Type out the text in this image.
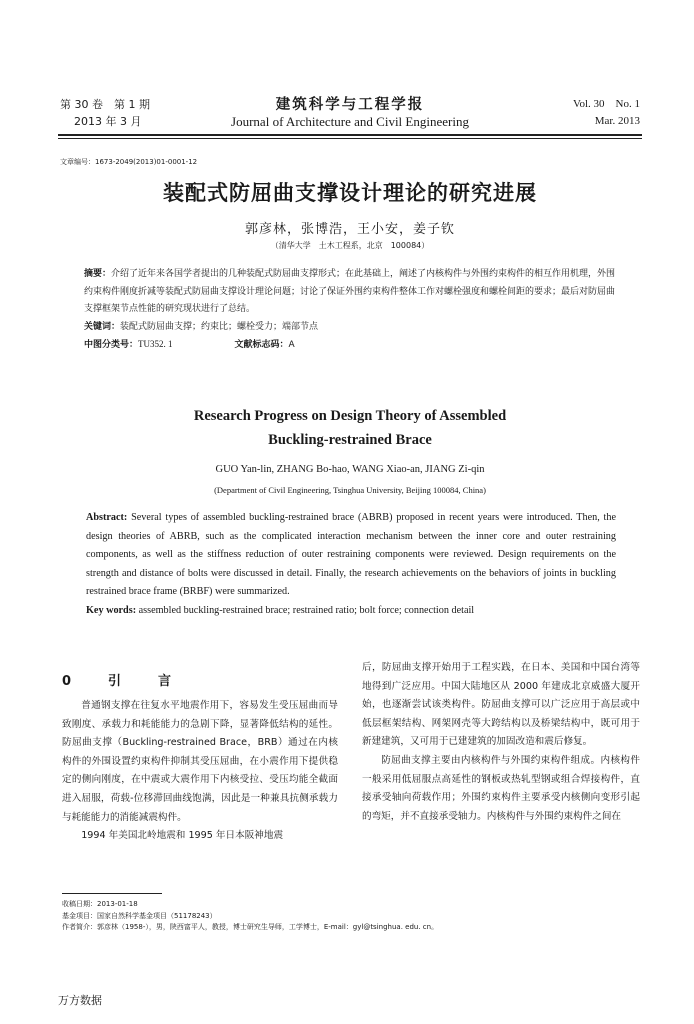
第 30 卷　第 1 期
2013 年 3 月
建筑科学与工程学报
Journal of Architecture and Civil Engineering
Vol. 30　No. 1
Mar. 2013
文章编号：1673-2049(2013)01-0001-12
装配式防屈曲支撑设计理论的研究进展
郭彦林，张博浩，王小安，姜子钦
（清华大学　土木工程系，北京　100084）
摘要：介绍了近年来各国学者提出的几种装配式防屈曲支撑形式；在此基础上，阐述了内核构件与外围约束构件的相互作用机理，外围约束构件刚度折减等装配式防屈曲支撑设计理论问题；讨论了保证外围约束构件整体工作对螺栓强度和螺栓间距的要求；最后对防屈曲支撑框架节点性能的研究现状进行了总结。
关键词：装配式防屈曲支撑；约束比；螺栓受力；端部节点
中图分类号：TU352. 1	文献标志码：A
Research Progress on Design Theory of Assembled
Buckling-restrained Brace
GUO Yan-lin, ZHANG Bo-hao, WANG Xiao-an, JIANG Zi-qin
(Department of Civil Engineering, Tsinghua University, Beijing 100084, China)
Abstract: Several types of assembled buckling-restrained brace (ABRB) proposed in recent years were introduced. Then, the design theories of ABRB, such as the complicated interaction mechanism between the inner core and outer restraining components, as well as the stiffness reduction of outer restraining components were reviewed. Design requirements on the strength and distance of bolts were discussed in detail. Finally, the research achievements on the behaviors of joints in buckling restrained brace frame (BRBF) were summarized.
Key words: assembled buckling-restrained brace; restrained ratio; bolt force; connection detail
0　引　言

普通钢支撑在往复水平地震作用下，容易发生受压屈曲而导致刚度、承载力和耗能能力的急剧下降，显著降低结构的延性。防屈曲支撑（Buckling-restrained Brace，BRB）通过在内核构件的外围设置约束构件抑制其受压屈曲，在小震作用下提供稳定的侧向刚度，在中震或大震作用下内核受拉、受压均能全截面进入屈服，荷载-位移滞回曲线饱满，因此是一种兼具抗侧承载力与耗能能力的消能减震构件。

1994 年美国北岭地震和 1995 年日本阪神地震

后，防屈曲支撑开始用于工程实践，在日本、美国和中国台湾等地得到广泛应用。中国大陆地区从 2000 年建成北京威盛大厦开始，也逐渐尝试该类构件。防屈曲支撑可以广泛应用于高层或中低层框架结构、网架网壳等大跨结构以及桥梁结构中，既可用于新建建筑，又可用于已建建筑的加固改造和震后修复。

防屈曲支撑主要由内核构件与外围约束构件组成。内核构件一般采用低屈服点高延性的钢板或热轧型钢或组合焊接构件，直接承受轴向荷载作用；外围约束构件主要承受内核侧向变形引起的弯矩，并不直接承受轴力。内核构件与外围约束构件之间在

收稿日期：2013-01-18
基金项目：国家自然科学基金项目（51178243）
作者简介：郭彦林（1958-），男，陕西富平人，教授，博士研究生导师，工学博士，E-mail：gyl@tsinghua. edu. cn。
万方数据
